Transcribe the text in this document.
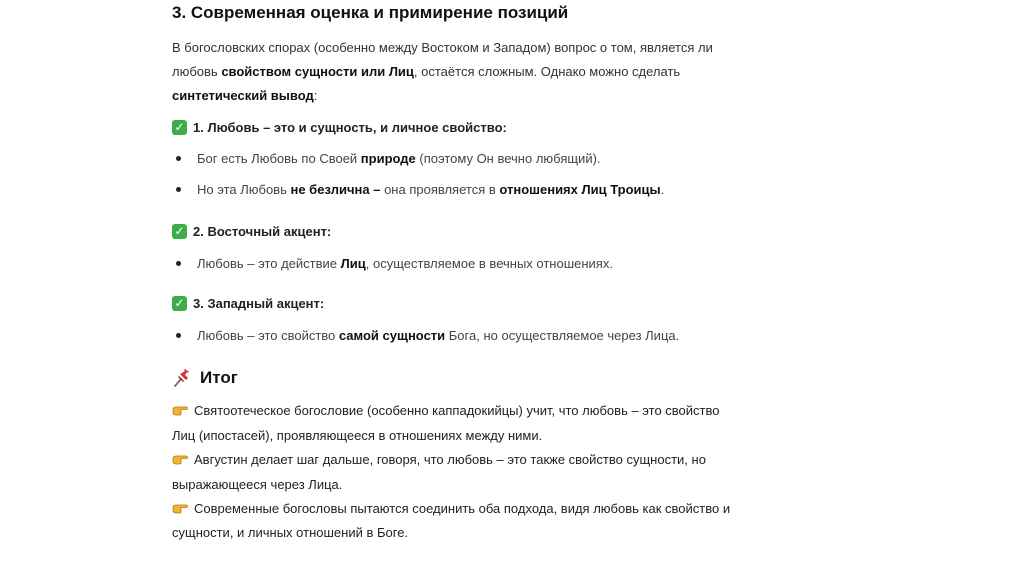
3. Современная оценка и примирение позиций
В богословских спорах (особенно между Востоком и Западом) вопрос о том, является ли
любовь свойством сущности или Лиц, остаётся сложным. Однако можно сделать
синтетический вывод:
✓ 1. Любовь – это и сущность, и личное свойство:
Бог есть Любовь по Своей природе (поэтому Он вечно любящий).
Но эта Любовь не безлична – она проявляется в отношениях Лиц Троицы.
✓ 2. Восточный акцент:
Любовь – это действие Лиц, осуществляемое в вечных отношениях.
✓ 3. Западный акцент:
Любовь – это свойство самой сущности Бога, но осуществляемое через Лица.
Итог
Святоотеческое богословие (особенно каппадокийцы) учит, что любовь – это свойство
Лиц (ипостасей), проявляющееся в отношениях между ними.
Августин делает шаг дальше, говоря, что любовь – это также свойство сущности, но
выражающееся через Лица.
Современные богословы пытаются соединить оба подхода, видя любовь как свойство и
сущности, и личных отношений в Боге.
